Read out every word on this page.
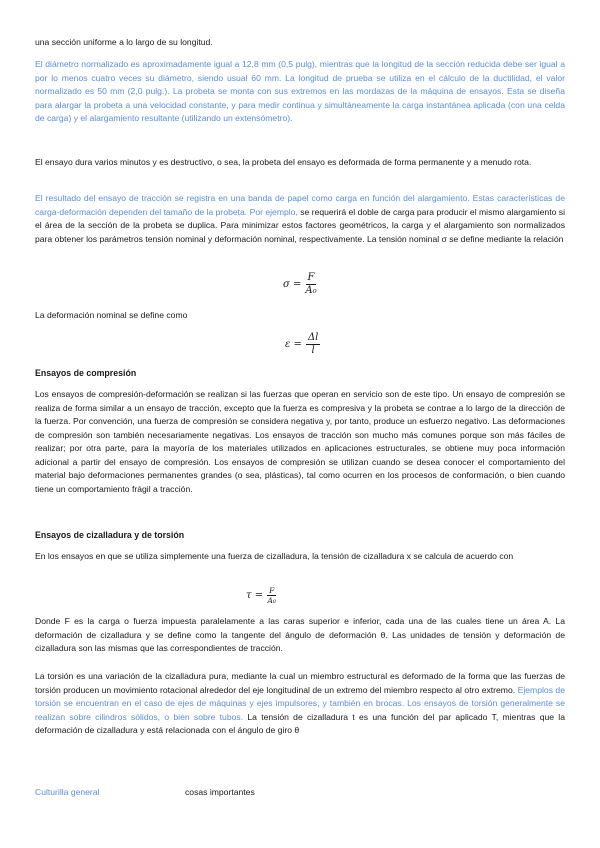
una sección uniforme a lo largo de su longitud.

El diámetro normalizado es aproximadamente igual a 12,8 mm (0,5 pulg), mientras que la longitud de la sección reducida debe ser igual a por lo menos cuatro veces su diámetro, siendo usual 60 mm. La longitud de prueba se utiliza en el cálculo de la ductilidad, el valor normalizado es 50 mm (2,0 pulg.). La probeta se monta con sus extremos en las mordazas de la máquina de ensayos. Esta se diseña para alargar la probeta a una velocidad constante, y para medir continua y simultáneamente la carga instantánea aplicada (con una celda de carga) y el alargamiento resultante (utilizando un extensómetro).

El ensayo dura varios minutos y es destructivo, o sea, la probeta del ensayo es deformada de forma permanente y a menudo rota.

El resultado del ensayo de tracción se registra en una banda de papel como carga en función del alargamiento. Estas características de carga-deformación dependen del tamaño de la probeta. Por ejemplo, se requerirá el doble de carga para producir el mismo alargamiento si el área de la sección de la probeta se duplica. Para minimizar estos factores geométricos, la carga y el alargamiento son normalizados para obtener los parámetros tensión nominal y deformación nominal, respectivamente. La tensión nominal σ se define mediante la relación

$\sigma = \frac{F}{\text{A₀}}$

La deformación nominal se define como

$\varepsilon = \frac{\Delta l}{l}$
Ensayos de compresión

Los ensayos de compresión-deformación se realizan si las fuerzas que operan en servicio son de este tipo. Un ensayo de compresión se realiza de forma similar a un ensayo de tracción, excepto que la fuerza es compresiva y la probeta se contrae a lo largo de la dirección de la fuerza. Por convención, una fuerza de compresión se considera negativa y, por tanto, produce un esfuerzo negativo. Las deformaciones de compresión son también necesariamente negativas. Los ensayos de tracción son mucho más comunes porque son más fáciles de realizar; por otra parte, para la mayoría de los materiales utilizados en aplicaciones estructurales, se obtiene muy poca información adicional a partir del ensayo de compresión. Los ensayos de compresión se utilizan cuando se desea conocer el comportamiento del material bajo deformaciones permanentes grandes (o sea, plásticas), tal como ocurren en los procesos de conformación, o bien cuando tiene un comportamiento frágil a tracción.

Ensayos de cizalladura y de torsión

En los ensayos en que se utiliza simplemente una fuerza de cizalladura, la tensión de cizalladura x se calcula de acuerdo con

$\tau = \frac{F}{\text{A₀}}$

Donde F es la carga o fuerza impuesta paralelamente a las caras superior e inferior, cada una de las cuales tiene un área A. La deformación de cizalladura y se define como la tangente del ángulo de deformación θ. Las unidades de tensión y deformación de cizalladura son las mismas que las correspondientes de tracción.

La torsión es una variación de la cizalladura pura, mediante la cual un miembro estructural es deformado de la forma que las fuerzas de torsión producen un movimiento rotacional alrededor del eje longitudinal de un extremo del miembro respecto al otro extremo. Ejemplos de torsión se encuentran en el caso de ejes de máquinas y ejes impulsores, y también en brocas. Los ensayos de torsión generalmente se realizan sobre cilindros sólidos, o bien sobre tubos. La tensión de cizalladura t es una función del par aplicado T, mientras que la deformación de cizalladura y está relacionada con el ángulo de giro θ

Culturilla general	cosas importantes
